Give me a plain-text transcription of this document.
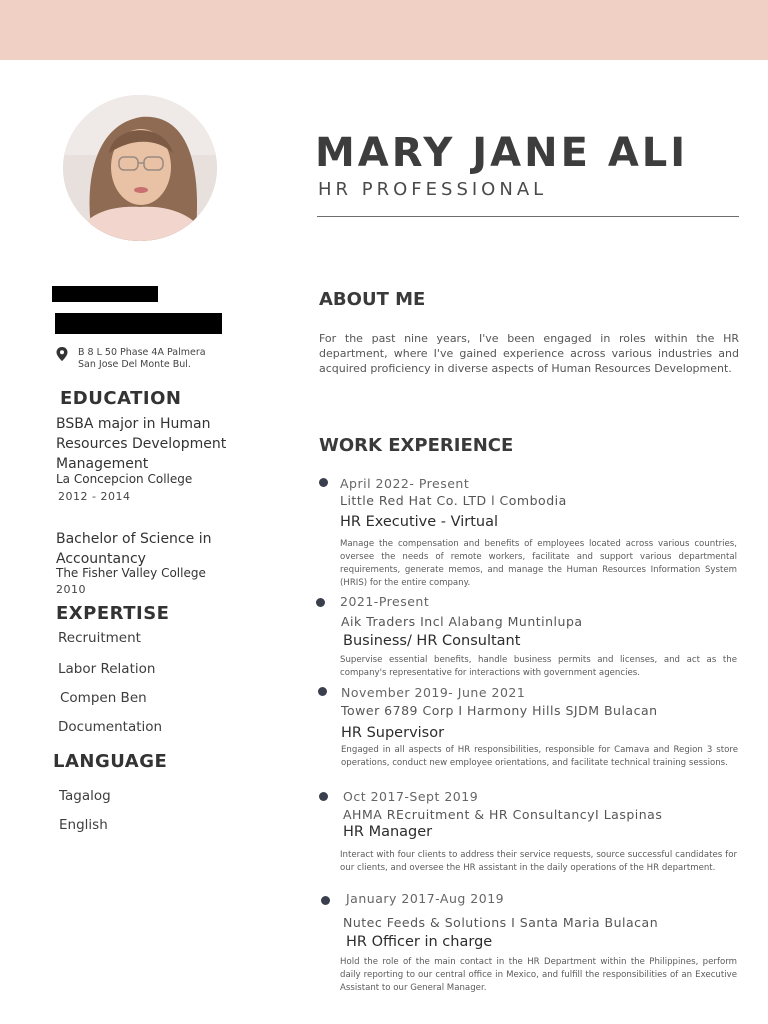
MARY JANE ALI
HR PROFESSIONAL
B 8 L 50 Phase 4A Palmera
San Jose Del Monte Bul.
EDUCATION
BSBA major in Human Resources Development Management
La Concepcion College
2012 - 2014
Bachelor of Science in Accountancy
The Fisher Valley College
2010
EXPERTISE
Recruitment
Labor Relation
Compen Ben
Documentation
LANGUAGE
Tagalog
English
ABOUT ME
For the past nine years, I've been engaged in roles within the HR department, where I've gained experience across various industries and acquired proficiency in diverse aspects of Human Resources Development.
WORK EXPERIENCE
April 2022- Present
Little Red Hat Co. LTD l Combodia
HR Executive - Virtual
Manage the compensation and benefits of employees located across various countries, oversee the needs of remote workers, facilitate and support various departmental requirements, generate memos, and manage the Human Resources Information System (HRIS) for the entire company.
2021-Present
Aik Traders Incl Alabang Muntinlupa
Business/ HR Consultant
Supervise essential benefits, handle business permits and licenses, and act as the company's representative for interactions with government agencies.
November 2019- June 2021
Tower 6789 Corp I Harmony Hills SJDM Bulacan
HR Supervisor
Engaged in all aspects of HR responsibilities, responsible for Camava and Region 3 store operations, conduct new employee orientations, and facilitate technical training sessions.
Oct 2017-Sept 2019
AHMA REcruitment & HR ConsultancyI Laspinas
HR Manager
Interact with four clients to address their service requests, source successful candidates for our clients, and oversee the HR assistant in the daily operations of the HR department.
January 2017-Aug 2019
Nutec Feeds & Solutions I Santa Maria Bulacan
HR Officer in charge
Hold the role of the main contact in the HR Department within the Philippines, perform daily reporting to our central office in Mexico, and fulfill the responsibilities of an Executive Assistant to our General Manager.
